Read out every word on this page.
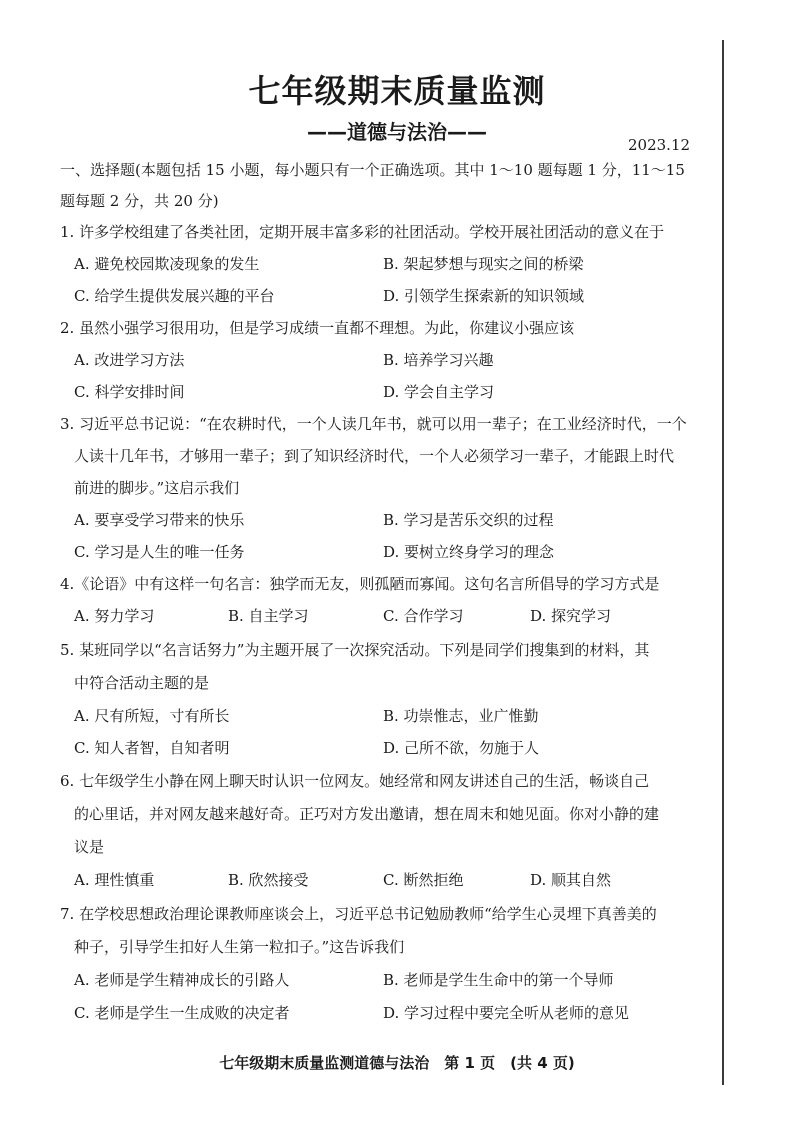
七年级期末质量监测
——道德与法治——
2023.12
一、选择题(本题包括 15 小题，每小题只有一个正确选项。其中 1～10 题每题 1 分，11～15
题每题 2 分，共 20 分)
1. 许多学校组建了各类社团，定期开展丰富多彩的社团活动。学校开展社团活动的意义在于
A. 避免校园欺凌现象的发生	B. 架起梦想与现实之间的桥梁
C. 给学生提供发展兴趣的平台	D. 引领学生探索新的知识领域
2. 虽然小强学习很用功，但是学习成绩一直都不理想。为此，你建议小强应该
A. 改进学习方法	B. 培养学习兴趣
C. 科学安排时间	D. 学会自主学习
3. 习近平总书记说：“在农耕时代，一个人读几年书，就可以用一辈子；在工业经济时代，一个
人读十几年书，才够用一辈子；到了知识经济时代，一个人必须学习一辈子，才能跟上时代
前进的脚步。”这启示我们
A. 要享受学习带来的快乐	B. 学习是苦乐交织的过程
C. 学习是人生的唯一任务	D. 要树立终身学习的理念
4.《论语》中有这样一句名言：独学而无友，则孤陋而寡闻。这句名言所倡导的学习方式是
A. 努力学习	B. 自主学习	C. 合作学习	D. 探究学习
5. 某班同学以“名言话努力”为主题开展了一次探究活动。下列是同学们搜集到的材料，其
中符合活动主题的是
A. 尺有所短，寸有所长	B. 功崇惟志，业广惟勤
C. 知人者智，自知者明	D. 己所不欲，勿施于人
6. 七年级学生小静在网上聊天时认识一位网友。她经常和网友讲述自己的生活，畅谈自己
的心里话，并对网友越来越好奇。正巧对方发出邀请，想在周末和她见面。你对小静的建
议是
A. 理性慎重	B. 欣然接受	C. 断然拒绝	D. 顺其自然
7. 在学校思想政治理论课教师座谈会上，习近平总书记勉励教师“给学生心灵埋下真善美的
种子，引导学生扣好人生第一粒扣子。”这告诉我们
A. 老师是学生精神成长的引路人	B. 老师是学生生命中的第一个导师
C. 老师是学生一生成败的决定者	D. 学习过程中要完全听从老师的意见
七年级期末质量监测道德与法治　第 1 页　(共 4 页)
